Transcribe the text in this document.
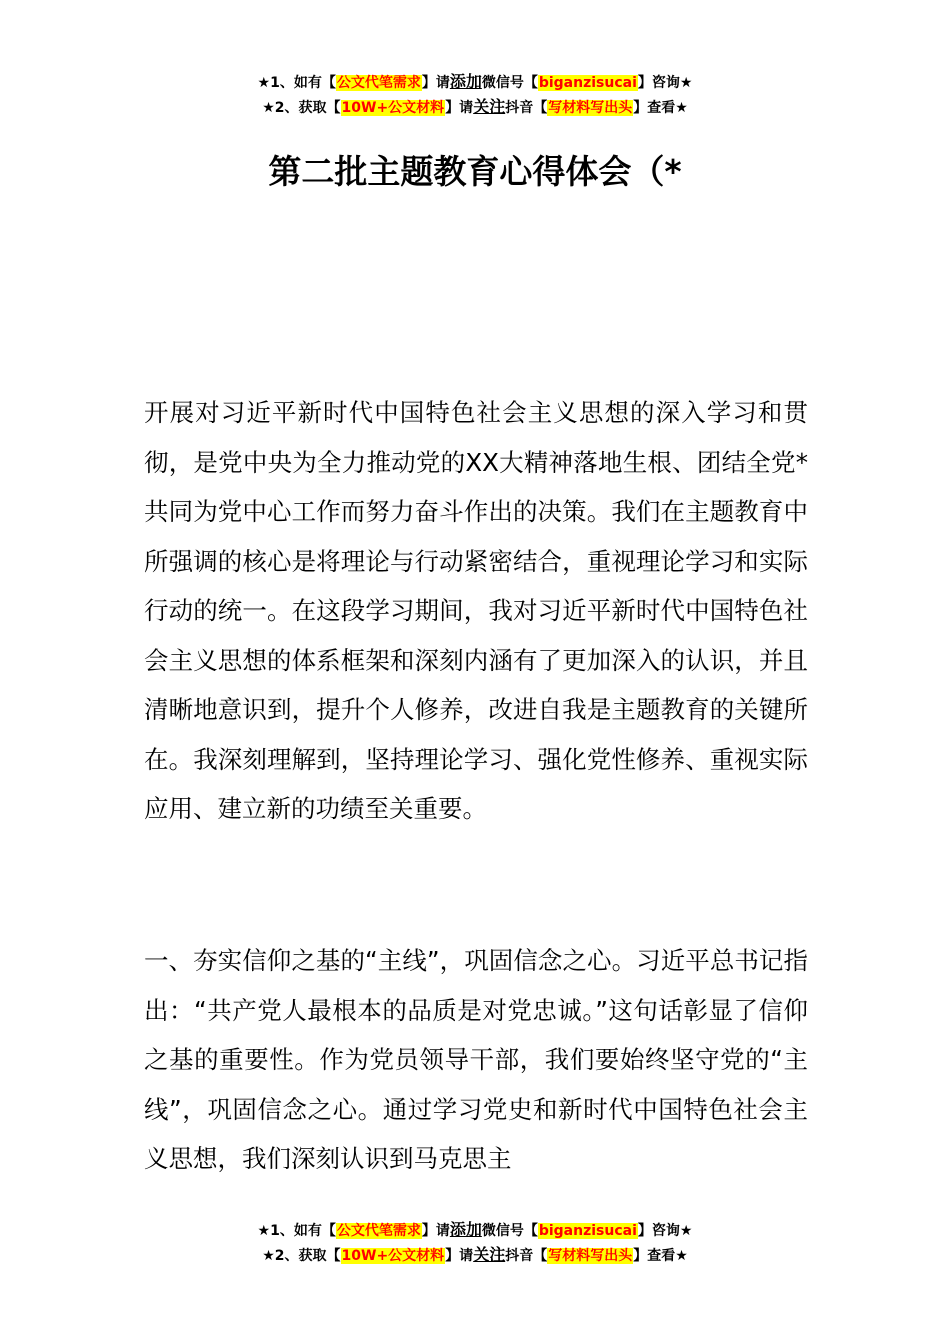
★1、如有【公文代笔需求】请添加微信号【biganzisucai】咨询★
★2、获取【10W+公文材料】请关注抖音【写材料写出头】查看★
第二批主题教育心得体会（*

开展对习近平新时代中国特色社会主义思想的深入学习和贯彻，是党中央为全力推动党的XX大精神落地生根、团结全党*共同为党中心工作而努力奋斗作出的决策。我们在主题教育中所强调的核心是将理论与行动紧密结合，重视理论学习和实际行动的统一。在这段学习期间，我对习近平新时代中国特色社会主义思想的体系框架和深刻内涵有了更加深入的认识，并且清晰地意识到，提升个人修养，改进自我是主题教育的关键所在。我深刻理解到，坚持理论学习、强化党性修养、重视实际应用、建立新的功绩至关重要。

一、夯实信仰之基的“主线”，巩固信念之心。习近平总书记指出：“共产党人最根本的品质是对党忠诚。”这句话彰显了信仰之基的重要性。作为党员领导干部，我们要始终坚守党的“主线”，巩固信念之心。通过学习党史和新时代中国特色社会主义思想，我们深刻认识到马克思主

★1、如有【公文代笔需求】请添加微信号【biganzisucai】咨询★
★2、获取【10W+公文材料】请关注抖音【写材料写出头】查看★
